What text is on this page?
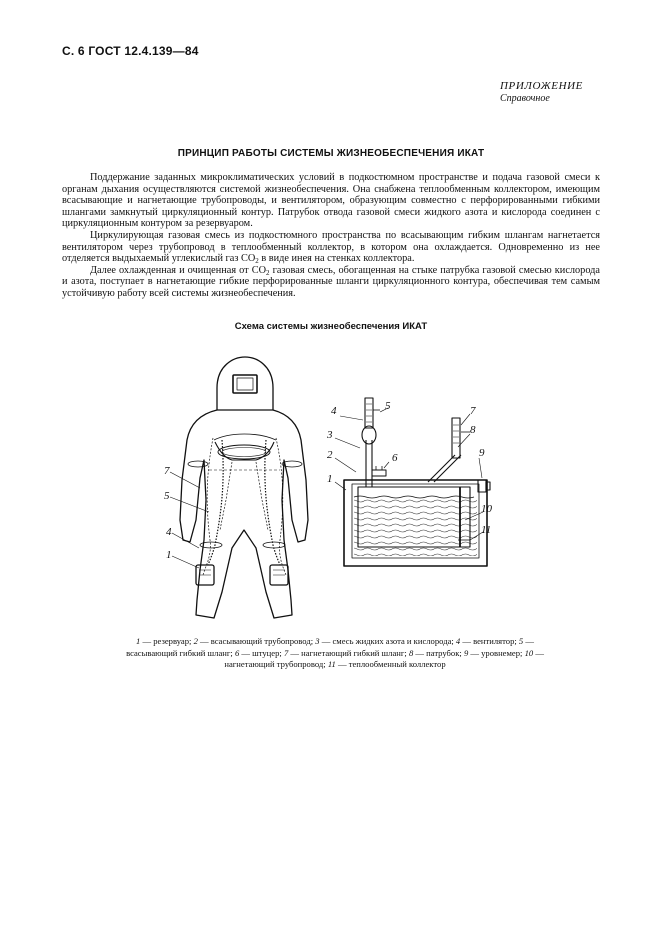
С. 6 ГОСТ 12.4.139—84
ПРИЛОЖЕНИЕ
Справочное
ПРИНЦИП РАБОТЫ СИСТЕМЫ ЖИЗНЕОБЕСПЕЧЕНИЯ ИКАТ

Поддержание заданных микроклиматических условий в подкостюмном пространстве и подача газовой смеси к органам дыхания осуществляются системой жизнеобеспечения. Она снабжена теплообменным коллектором, имеющим всасывающие и нагнетающие трубопроводы, и вентилятором, образующим совместно с перфорированными гибкими шлангами замкнутый циркуляционный контур. Патрубок отвода газовой смеси жидкого азота и кислорода соединен с циркуляционным контуром за резервуаром.

Циркулирующая газовая смесь из подкостюмного пространства по всасывающим гибким шлангам нагнетается вентилятором через трубопровод в теплообменный коллектор, в котором она охлаждается. Одновременно из нее отделяется выдыхаемый углекислый газ $CO_2$ в виде инея на стенках коллектора.

Далее охлажденная и очищенная от $CO_2$ газовая смесь, обогащенная на стыке патрубка газовой смесью кислорода и азота, поступает в нагнетающие гибкие перфорированные шланги циркуляционного контура, обеспечивая тем самым устойчивую работу всей системы жизнеобеспечения.

Схема системы жизнеобеспечения ИКАТ
7
5
4
1
4	5
3
2
1
6
7
8
9
10
11
1 — резервуар; 2 — всасывающий трубопровод; 3 — смесь жидких азота и кислорода; 4 — вентилятор; 5 — всасывающий гибкий шланг; 6 — штуцер; 7 — нагнетающий гибкий шланг; 8 — патрубок; 9 — уровнемер; 10 — нагнетающий трубопровод; 11 — теплообменный коллектор
